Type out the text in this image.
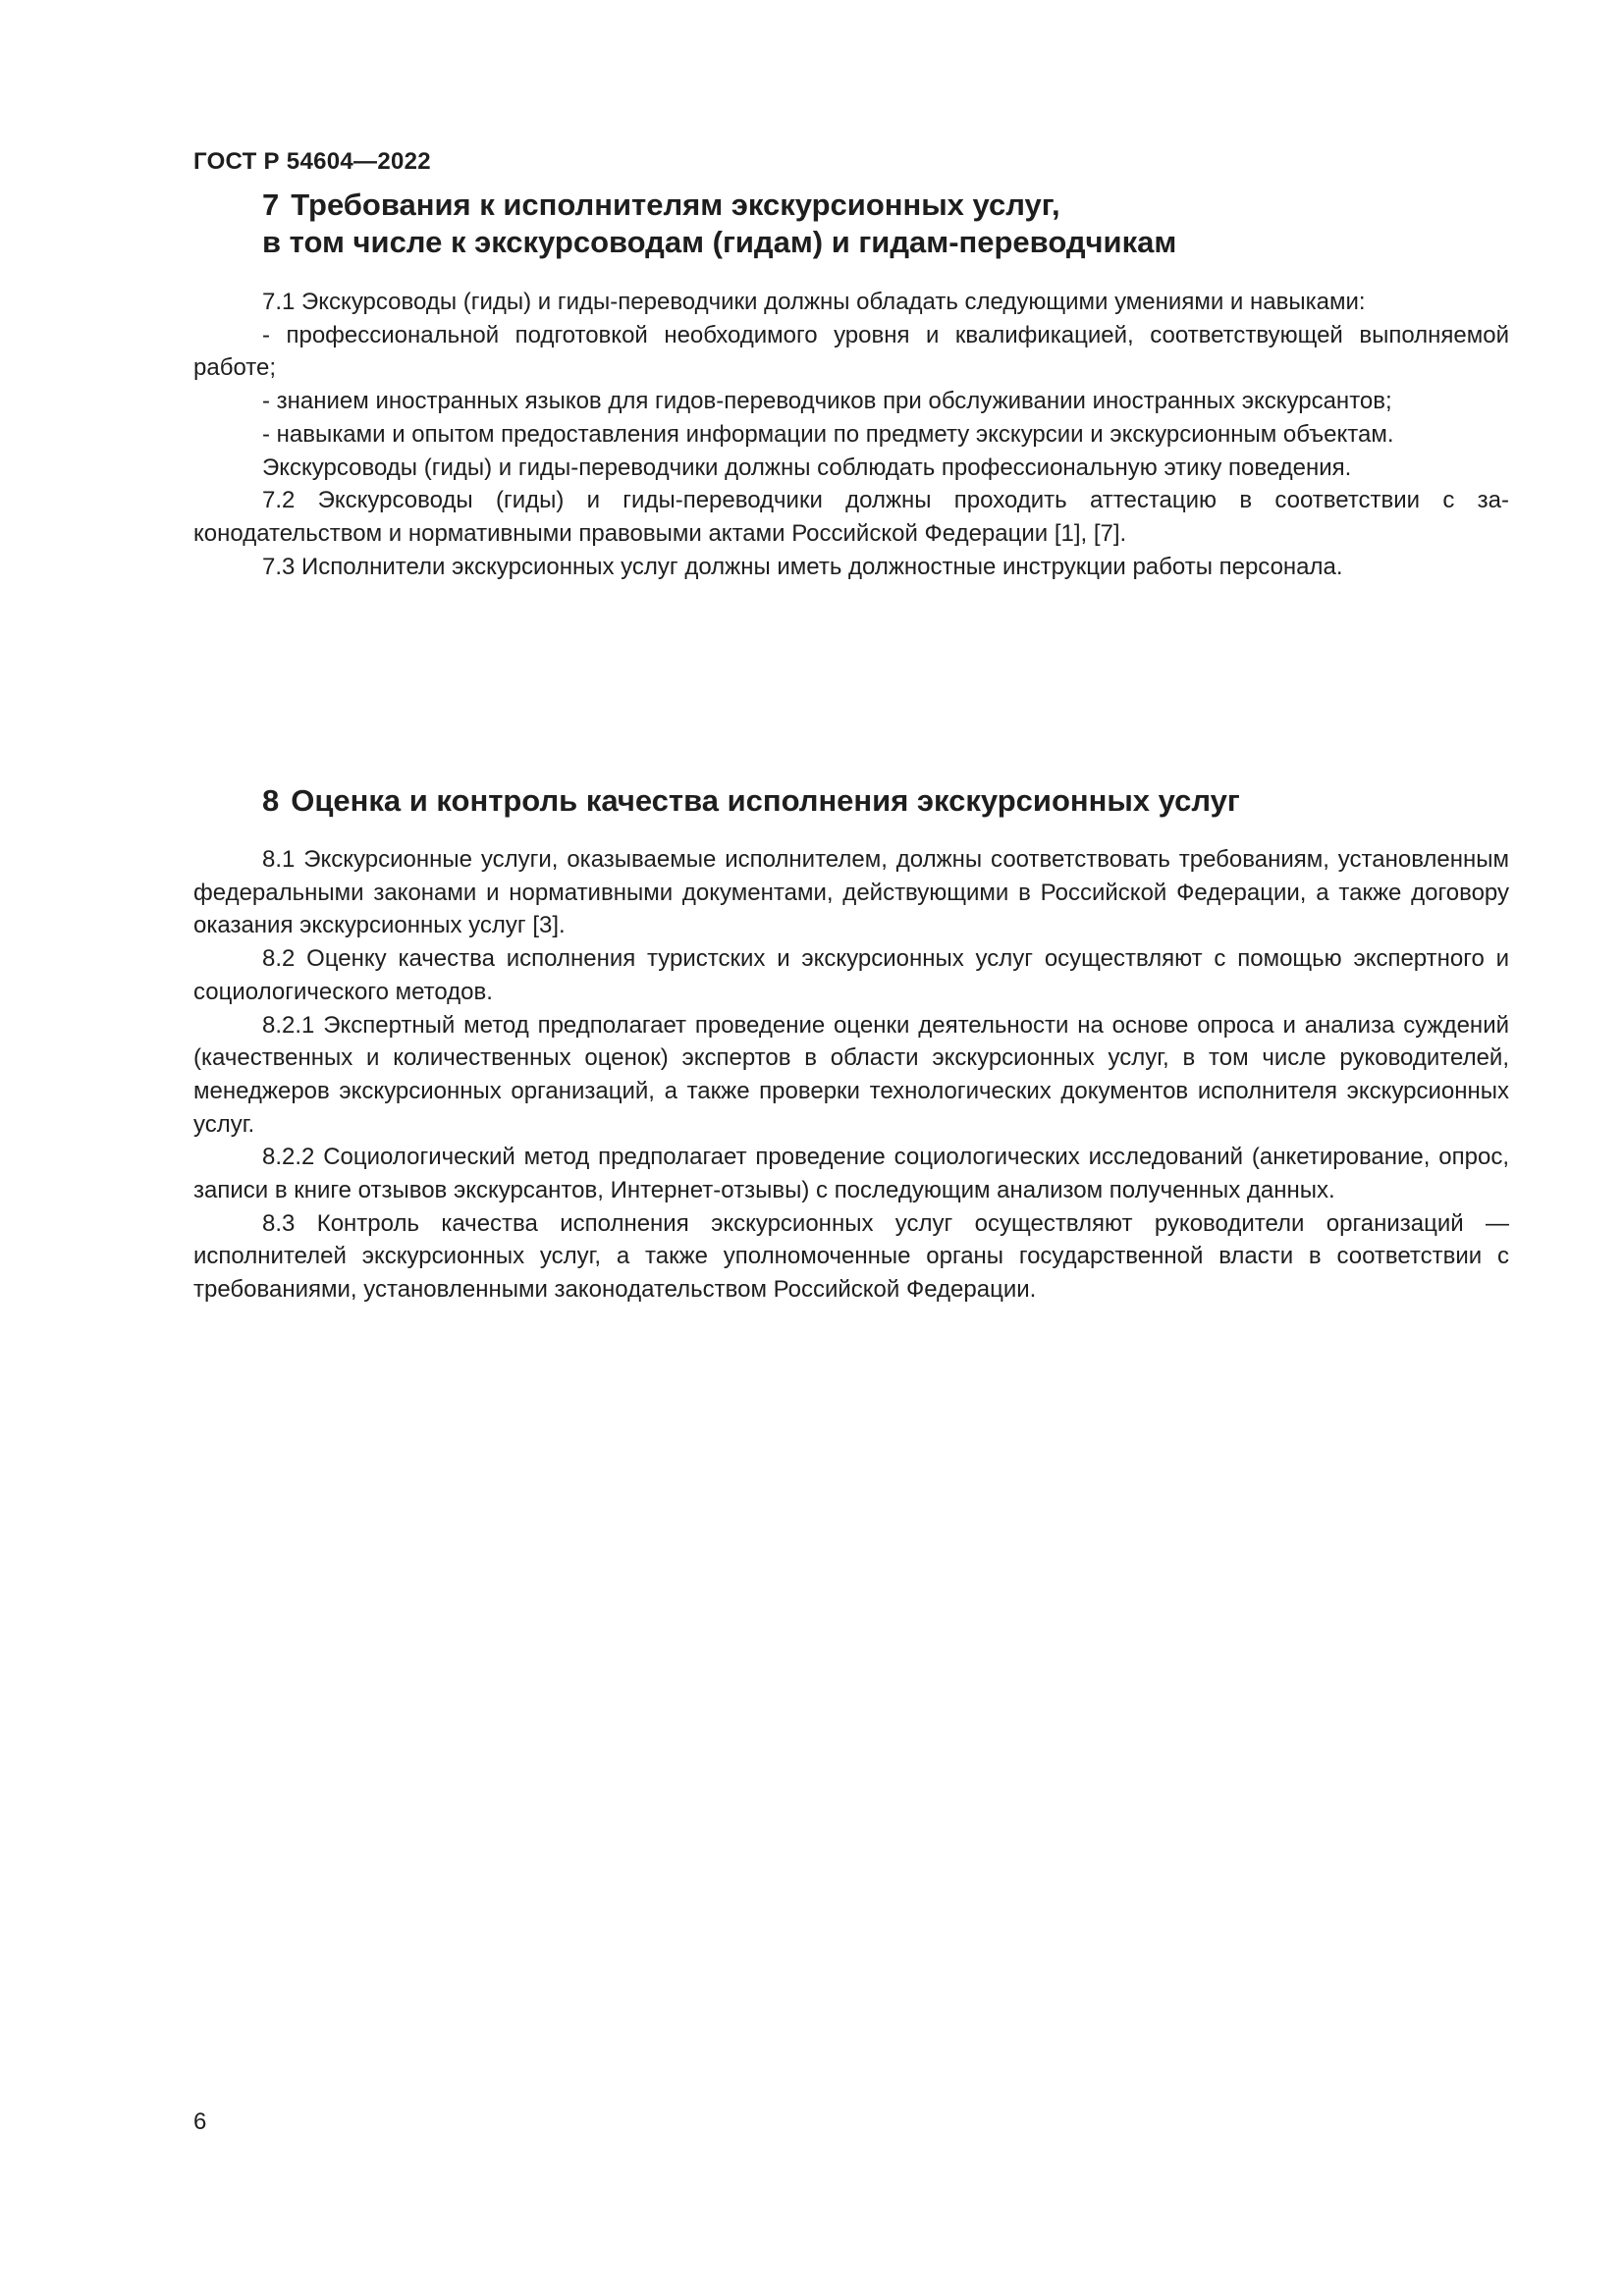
ГОСТ Р 54604—2022
7 Требования к исполнителям экскурсионных услуг,
в том числе к экскурсоводам (гидам) и гидам-переводчикам

7.1 Экскурсоводы (гиды) и гиды-переводчики должны обладать следующими умениями и навыками:

- профессиональной подготовкой необходимого уровня и квалификацией, соответствующей выполняемой работе;

- знанием иностранных языков для гидов-переводчиков при обслуживании иностранных экскурсантов;

- навыками и опытом предоставления информации по предмету экскурсии и экскурсионным объектам.

Экскурсоводы (гиды) и гиды-переводчики должны соблюдать профессиональную этику поведения.

7.2 Экскурсоводы (гиды) и гиды-переводчики должны проходить аттестацию в соответствии с законодательством и нормативными правовыми актами Российской Федерации [1], [7].

7.3 Исполнители экскурсионных услуг должны иметь должностные инструкции работы персонала.

8 Оценка и контроль качества исполнения экскурсионных услуг

8.1 Экскурсионные услуги, оказываемые исполнителем, должны соответствовать требованиям, установленным федеральными законами и нормативными документами, действующими в Российской Федерации, а также договору оказания экскурсионных услуг [3].

8.2 Оценку качества исполнения туристских и экскурсионных услуг осуществляют с помощью экспертного и социологического методов.

8.2.1 Экспертный метод предполагает проведение оценки деятельности на основе опроса и анализа суждений (качественных и количественных оценок) экспертов в области экскурсионных услуг, в том числе руководителей, менеджеров экскурсионных организаций, а также проверки технологических документов исполнителя экскурсионных услуг.

8.2.2 Социологический метод предполагает проведение социологических исследований (анкетирование, опрос, записи в книге отзывов экскурсантов, Интернет-отзывы) с последующим анализом полученных данных.

8.3 Контроль качества исполнения экскурсионных услуг осуществляют руководители организаций — исполнителей экскурсионных услуг, а также уполномоченные органы государственной власти в соответствии с требованиями, установленными законодательством Российской Федерации.

6
